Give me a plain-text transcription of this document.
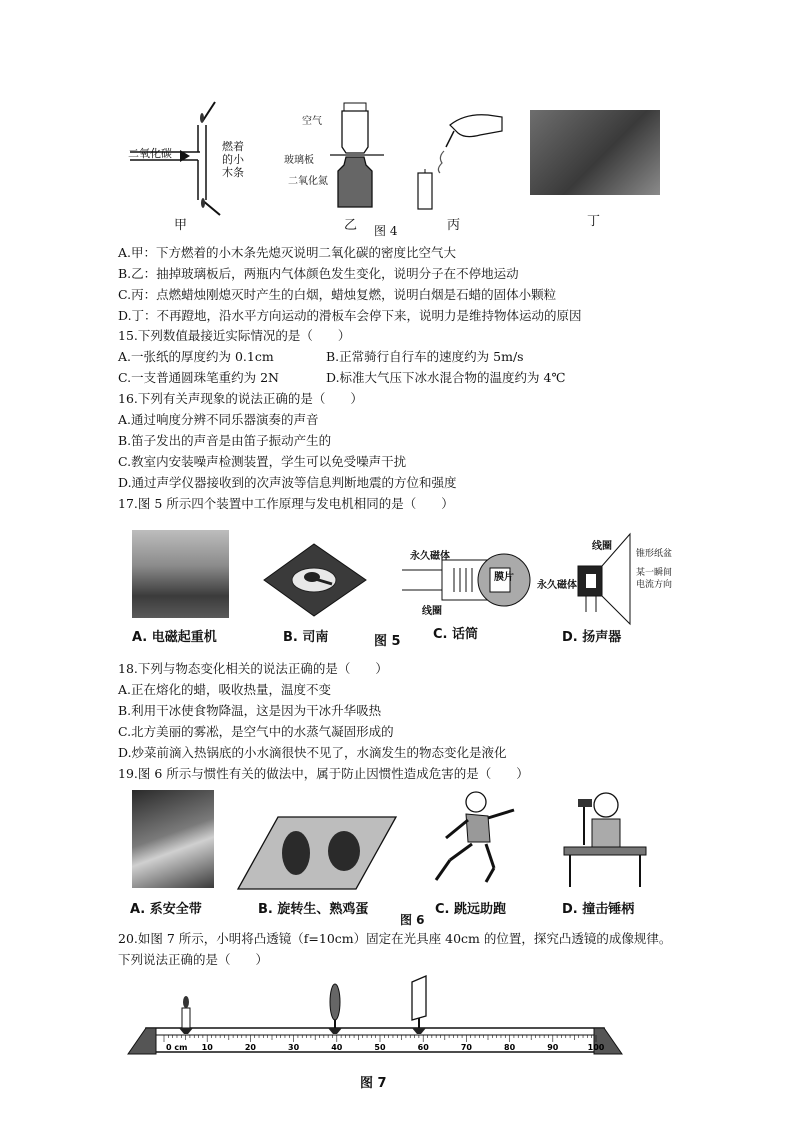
二氧化碳
燃着的小木条
甲
空气
玻璃板
二氧化氮
乙 图 4	丙	丁
A.甲：下方燃着的小木条先熄灭说明二氧化碳的密度比空气大
B.乙：抽掉玻璃板后，两瓶内气体颜色发生变化，说明分子在不停地运动
C.丙：点燃蜡烛刚熄灭时产生的白烟，蜡烛复燃，说明白烟是石蜡的固体小颗粒
D.丁：不再蹬地，沿水平方向运动的滑板车会停下来，说明力是维持物体运动的原因
15.下列数值最接近实际情况的是（　　）
A.一张纸的厚度约为 0.1cm	B.正常骑行自行车的速度约为 5m/s
C.一支普通圆珠笔重约为 2N	D.标准大气压下冰水混合物的温度约为 4℃
16.下列有关声现象的说法正确的是（　　）
A.通过响度分辨不同乐器演奏的声音
B.笛子发出的声音是由笛子振动产生的
C.教室内安装噪声检测装置，学生可以免受噪声干扰
D.通过声学仪器接收到的次声波等信息判断地震的方位和强度
17.图 5 所示四个装置中工作原理与发电机相同的是（　　）
永久磁体
膜片
线圈
线圈
锥形纸盆
永久磁体
某一瞬间
电流方向
A. 电磁起重机	B. 司南	图 5 C. 话筒	D. 扬声器
18.下列与物态变化相关的说法正确的是（　　）
A.正在熔化的蜡，吸收热量，温度不变
B.利用干冰使食物降温，这是因为干冰升华吸热
C.北方美丽的雾凇，是空气中的水蒸气凝固形成的
D.炒菜前滴入热锅底的小水滴很快不见了，水滴发生的物态变化是液化
19.图 6 所示与惯性有关的做法中，属于防止因惯性造成危害的是（　　）
A. 系安全带	B. 旋转生、熟鸡蛋
图 6
C. 跳远助跑	D. 撞击锤柄
20.如图 7 所示，小明将凸透镜（f=10cm）固定在光具座 40cm 的位置，探究凸透镜的成像规律。
下列说法正确的是（　　）
0 cm 10	20	30	40	50	60	70	80	90	100
图 7
